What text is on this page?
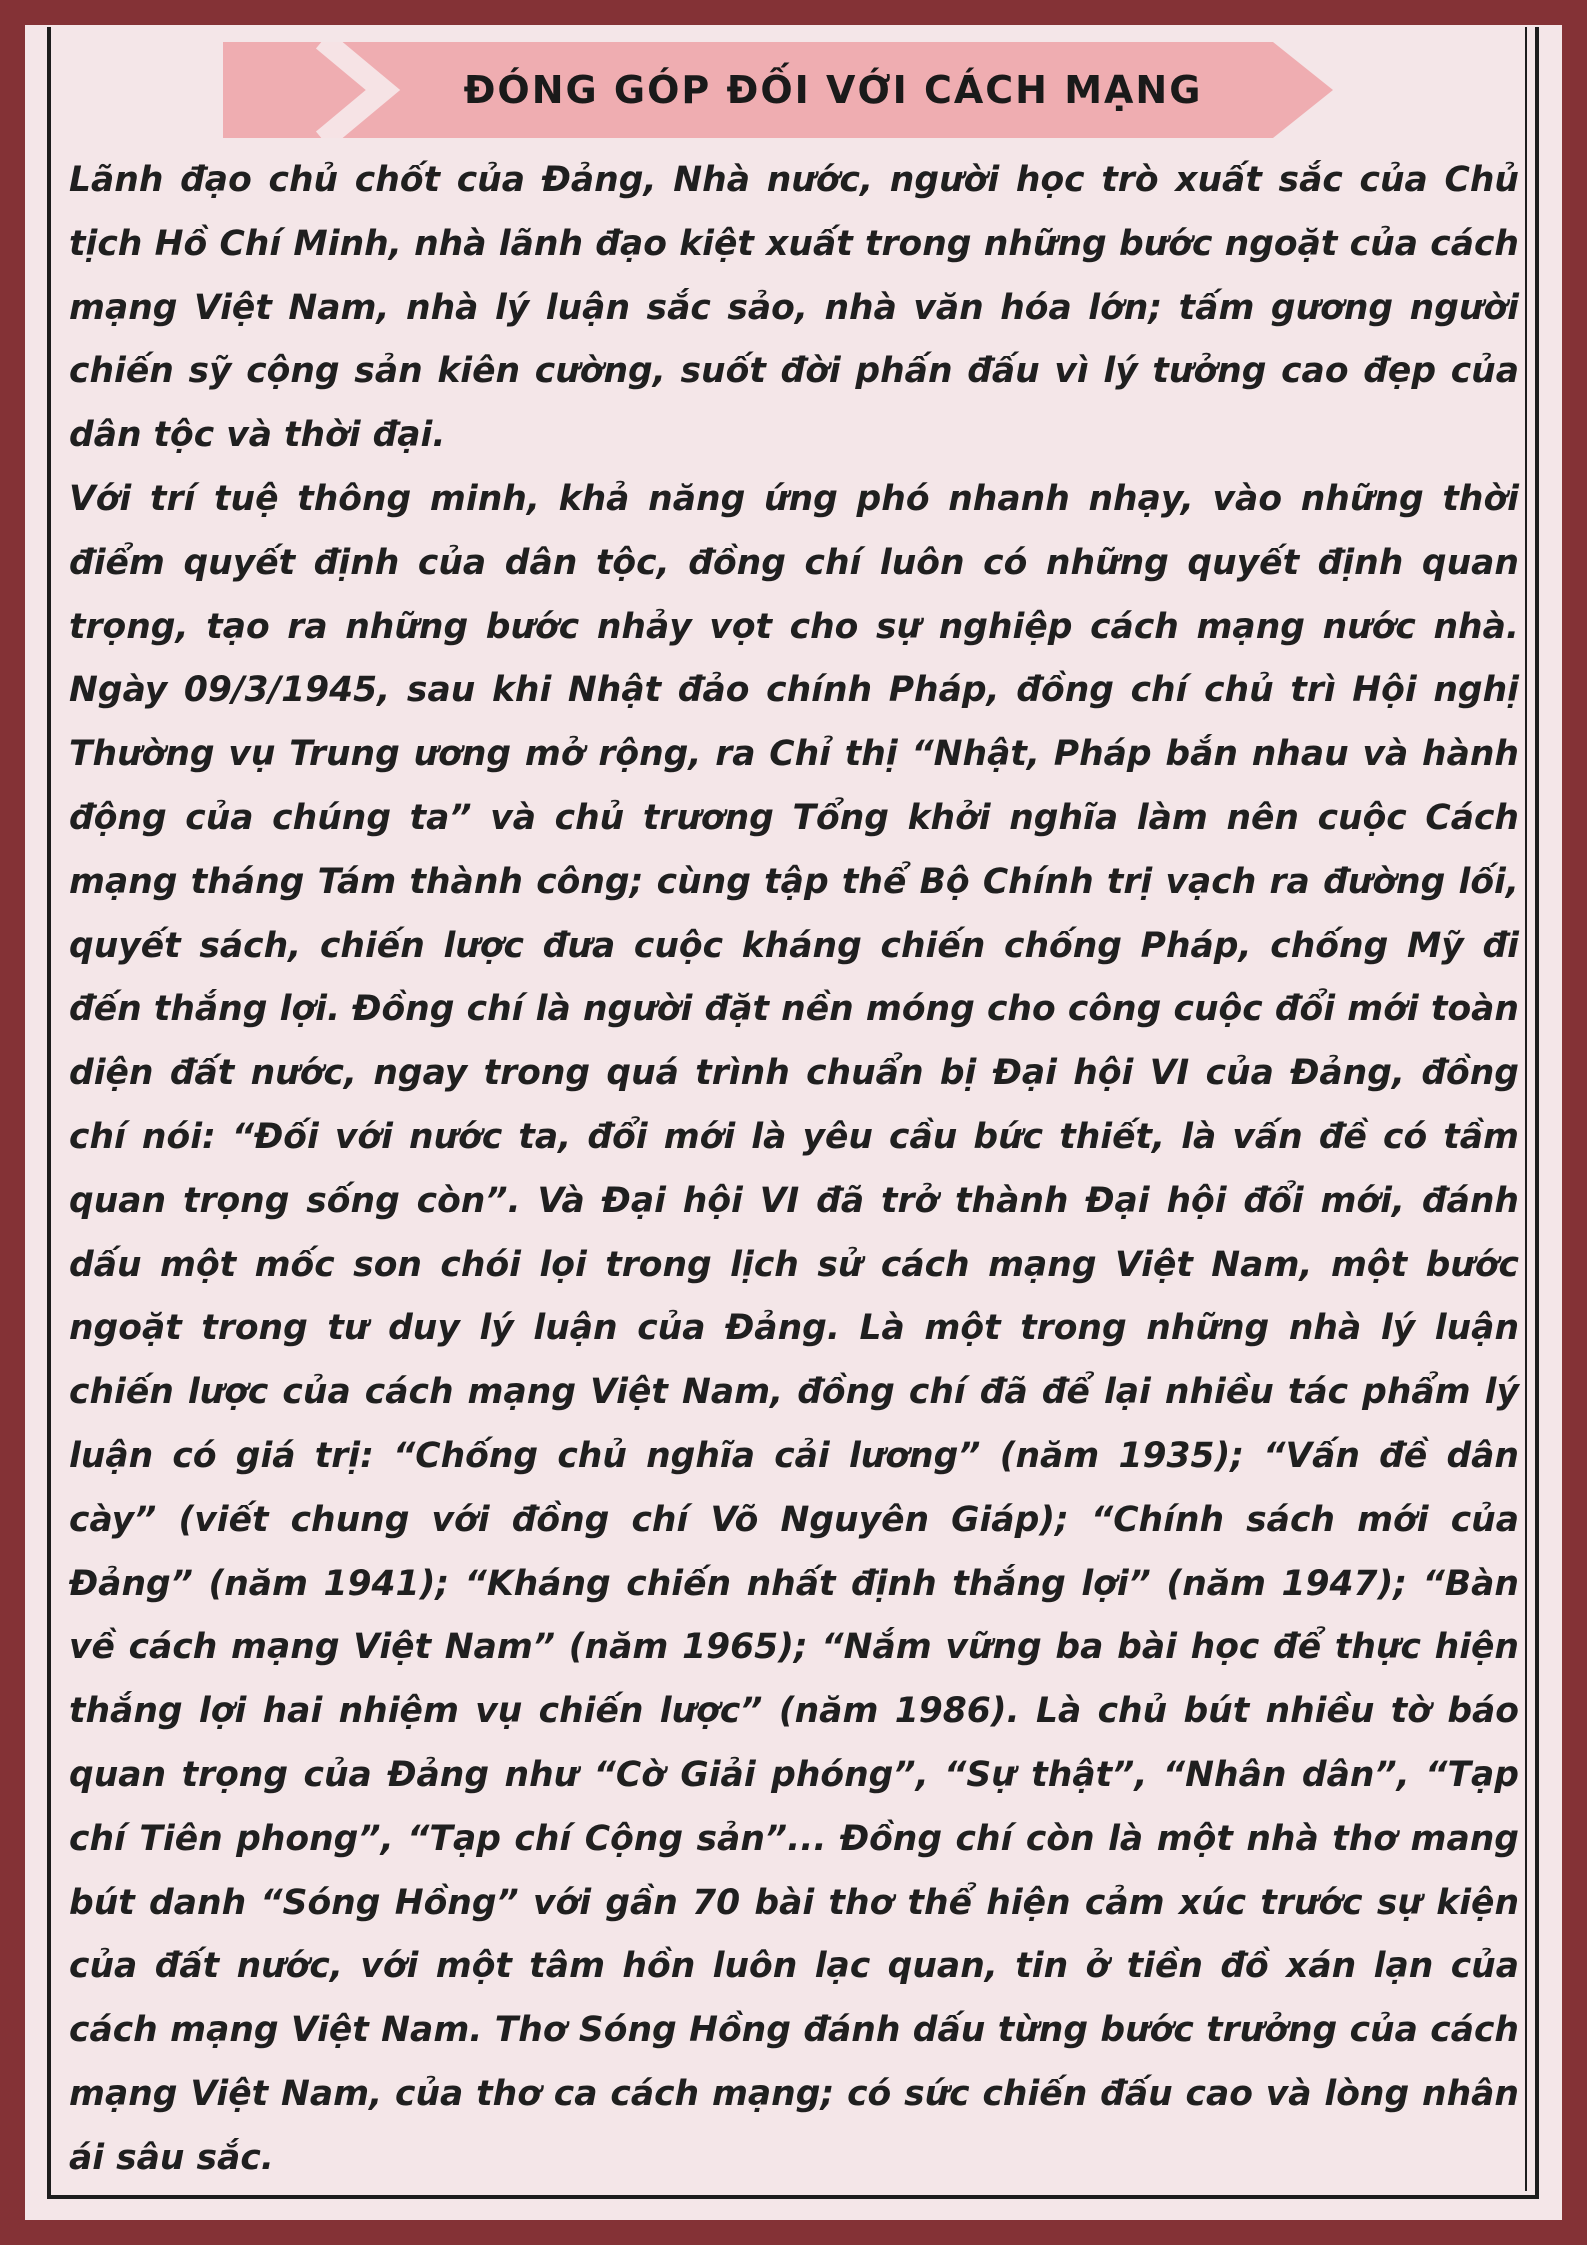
ĐÓNG GÓP ĐỐI VỚI CÁCH MẠNG

Lãnh đạo chủ chốt của Đảng, Nhà nước, người học trò xuất sắc của Chủ tịch Hồ Chí Minh, nhà lãnh đạo kiệt xuất trong những bước ngoặt của cách mạng Việt Nam, nhà lý luận sắc sảo, nhà văn hóa lớn; tấm gương người chiến sỹ cộng sản kiên cường, suốt đời phấn đấu vì lý tưởng cao đẹp của dân tộc và thời đại.

Với trí tuệ thông minh, khả năng ứng phó nhanh nhạy, vào những thời điểm quyết định của dân tộc, đồng chí luôn có những quyết định quan trọng, tạo ra những bước nhảy vọt cho sự nghiệp cách mạng nước nhà. Ngày 09/3/1945, sau khi Nhật đảo chính Pháp, đồng chí chủ trì Hội nghị Thường vụ Trung ương mở rộng, ra Chỉ thị “Nhật, Pháp bắn nhau và hành động của chúng ta” và chủ trương Tổng khởi nghĩa làm nên cuộc Cách mạng tháng Tám thành công; cùng tập thể Bộ Chính trị vạch ra đường lối, quyết sách, chiến lược đưa cuộc kháng chiến chống Pháp, chống Mỹ đi đến thắng lợi. Đồng chí là người đặt nền móng cho công cuộc đổi mới toàn diện đất nước, ngay trong quá trình chuẩn bị Đại hội VI của Đảng, đồng chí nói: “Đối với nước ta, đổi mới là yêu cầu bức thiết, là vấn đề có tầm quan trọng sống còn”. Và Đại hội VI đã trở thành Đại hội đổi mới, đánh dấu một mốc son chói lọi trong lịch sử cách mạng Việt Nam, một bước ngoặt trong tư duy lý luận của Đảng. Là một trong những nhà lý luận chiến lược của cách mạng Việt Nam, đồng chí đã để lại nhiều tác phẩm lý luận có giá trị: “Chống chủ nghĩa cải lương” (năm 1935); “Vấn đề dân cày” (viết chung với đồng chí Võ Nguyên Giáp); “Chính sách mới của Đảng” (năm 1941); “Kháng chiến nhất định thắng lợi” (năm 1947); “Bàn về cách mạng Việt Nam” (năm 1965); “Nắm vững ba bài học để thực hiện thắng lợi hai nhiệm vụ chiến lược” (năm 1986). Là chủ bút nhiều tờ báo quan trọng của Đảng như “Cờ Giải phóng”, “Sự thật”, “Nhân dân”, “Tạp chí Tiên phong”, “Tạp chí Cộng sản”... Đồng chí còn là một nhà thơ mang bút danh “Sóng Hồng” với gần 70 bài thơ thể hiện cảm xúc trước sự kiện của đất nước, với một tâm hồn luôn lạc quan, tin ở tiền đồ xán lạn của cách mạng Việt Nam. Thơ Sóng Hồng đánh dấu từng bước trưởng của cách mạng Việt Nam, của thơ ca cách mạng; có sức chiến đấu cao và lòng nhân ái sâu sắc.
